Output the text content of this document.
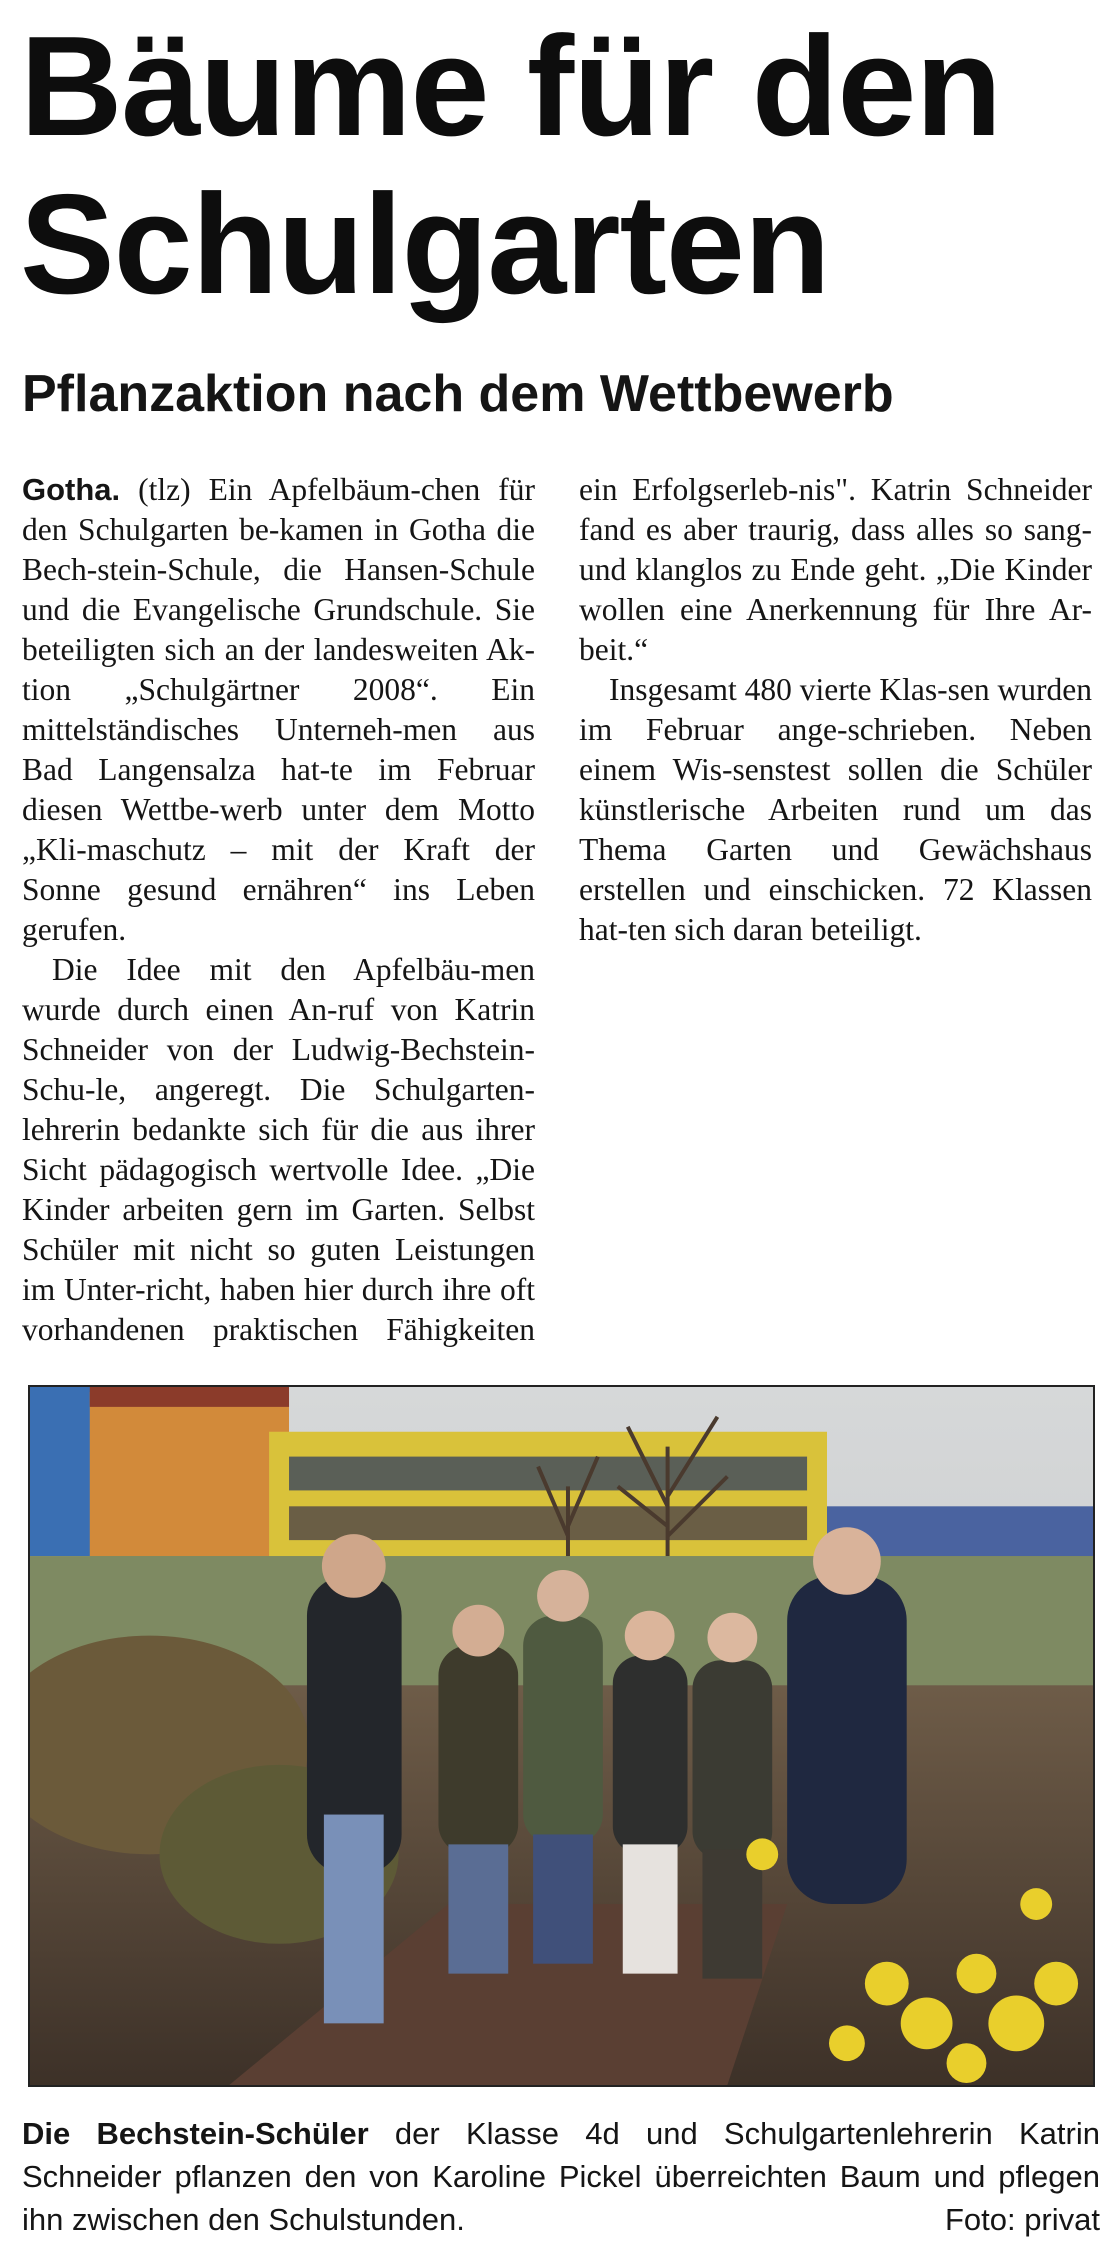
Bäume für den Schulgarten
Pflanzaktion nach dem Wettbewerb

Gotha. (tlz) Ein Apfelbäum-chen für den Schulgarten be-kamen in Gotha die Bech-stein-Schule, die Hansen-Schule und die Evangelische Grundschule. Sie beteiligten sich an der landesweiten Ak-tion „Schulgärtner 2008“. Ein mittelständisches Unterneh-men aus Bad Langensalza hat-te im Februar diesen Wettbe-werb unter dem Motto „Kli-maschutz – mit der Kraft der Sonne gesund ernähren“ ins Leben gerufen.

Die Idee mit den Apfelbäu-men wurde durch einen An-ruf von Katrin Schneider von der Ludwig-Bechstein-Schu-le, angeregt. Die Schulgarten-lehrerin bedankte sich für die aus ihrer Sicht pädagogisch wertvolle Idee. „Die Kinder arbeiten gern im Garten. Selbst Schüler mit nicht so guten Leistungen im Unter-richt, haben hier durch ihre oft vorhandenen praktischen Fähigkeiten ein Erfolgserleb-nis". Katrin Schneider fand es aber traurig, dass alles so sang- und klanglos zu Ende geht. „Die Kinder wollen eine Anerkennung für Ihre Ar-beit.“

Insgesamt 480 vierte Klas-sen wurden im Februar ange-schrieben. Neben einem Wis-senstest sollen die Schüler künstlerische Arbeiten rund um das Thema Garten und Gewächshaus erstellen und einschicken. 72 Klassen hat-ten sich daran beteiligt.

Die Bechstein-Schüler der Klasse 4d und Schulgartenlehrerin Katrin Schneider pflanzen den von Karoline Pickel überreichten Baum und pflegen ihn zwischen den Schulstunden.	Foto: privat
